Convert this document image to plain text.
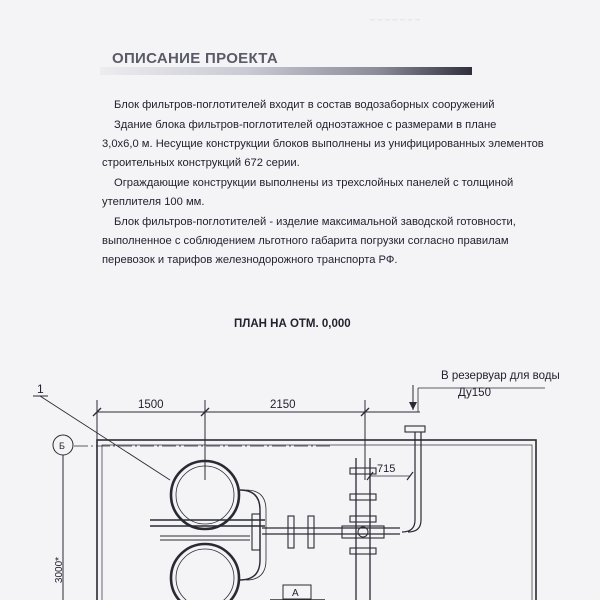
‒ ‒ ‒ ‒ ‒ ‒ ‒
ОПИСАНИЕ ПРОЕКТА

Блок фильтров-поглотителей входит в состав водозаборных сооружений

Здание блока фильтров-поглотителей одноэтажное с размерами в плане
3,0x6,0 м. Несущие конструкции блоков выполнены из унифицированных элементов
строительных конструкций 672 серии.

Ограждающие конструкции выполнены из трехслойных панелей с толщиной
утеплителя 100 мм.

Блок фильтров-поглотителей - изделие максимальной заводской готовности,
выполненное с соблюдением льготного габарита погрузки согласно правилам
перевозок и тарифов железнодорожного транспорта РФ.

ПЛАН НА ОТМ. 0,000
1
1500	2150
715
Б
A
В резервуар для воды
Ду150
3000*
